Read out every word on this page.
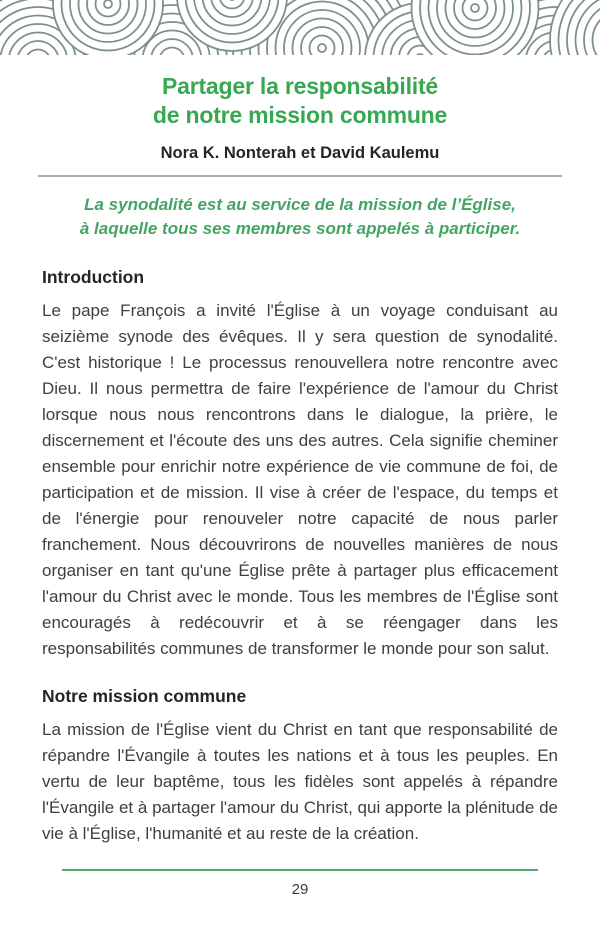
Partager la responsabilité
de notre mission commune
Nora K. Nonterah et David Kaulemu
La synodalité est au service de la mission de l’Église,
à laquelle tous ses membres sont appelés à participer.
Introduction

Le pape François a invité l'Église à un voyage conduisant au seizième synode des évêques. Il y sera question de synodalité. C'est historique ! Le processus renouvellera notre rencontre avec Dieu. Il nous permettra de faire l'expérience de l'amour du Christ lorsque nous nous rencontrons dans le dialogue, la prière, le discernement et l'écoute des uns des autres. Cela signifie cheminer ensemble pour enrichir notre expérience de vie commune de foi, de participation et de mission. Il vise à créer de l'espace, du temps et de l'énergie pour renouveler notre capacité de nous parler franchement. Nous découvrirons de nouvelles manières de nous organiser en tant qu'une Église prête à partager plus efficacement l'amour du Christ avec le monde. Tous les membres de l'Église sont encouragés à redécouvrir et à se réengager dans les responsabilités communes de transformer le monde pour son salut.

Notre mission commune

La mission de l'Église vient du Christ en tant que responsabilité de répandre l'Évangile à toutes les nations et à tous les peuples. En vertu de leur baptême, tous les fidèles sont appelés à répandre l'Évangile et à partager l'amour du Christ, qui apporte la plénitude de vie à l'Église, l'humanité et au reste de la création.

29
